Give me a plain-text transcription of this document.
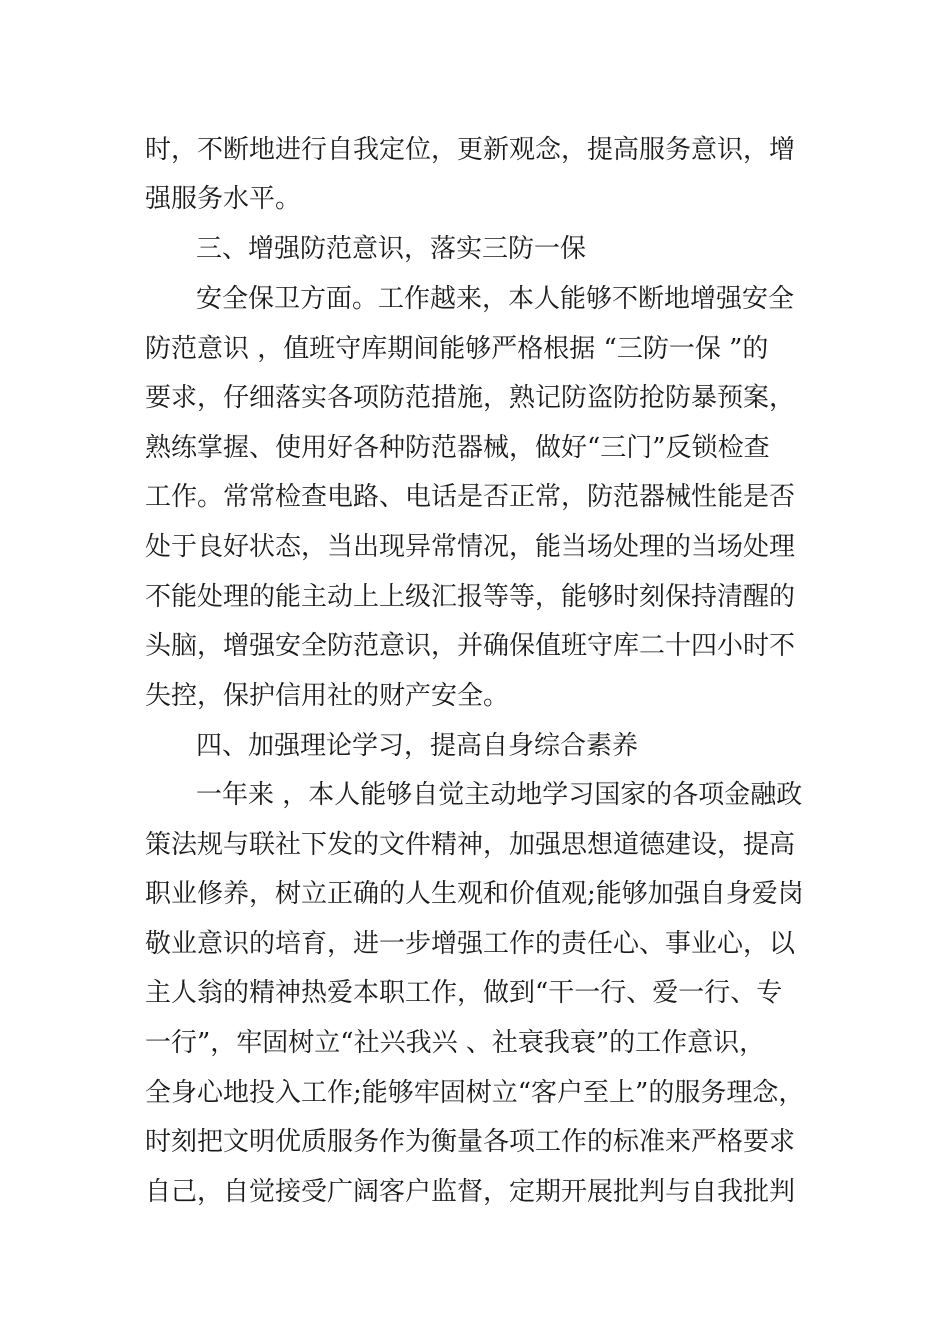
时，不断地进行自我定位，更新观念，提高服务意识，增
强服务水平。
三、增强防范意识，落实三防一保
安全保卫方面。工作越来，本人能够不断地增强安全
防范意识 ，值班守库期间能够严格根据 “三防一保 ”的
要求，仔细落实各项防范措施，熟记防盗防抢防暴预案，
熟练掌握、使用好各种防范器械，做好“三门”反锁检查
工作。常常检查电路、电话是否正常，防范器械性能是否
处于良好状态，当出现异常情况，能当场处理的当场处理
不能处理的能主动上上级汇报等等，能够时刻保持清醒的
头脑，增强安全防范意识，并确保值班守库二十四小时不
失控，保护信用社的财产安全。
四、加强理论学习，提高自身综合素养
一年来 ，本人能够自觉主动地学习国家的各项金融政
策法规与联社下发的文件精神，加强思想道德建设，提高
职业修养，树立正确的人生观和价值观;能够加强自身爱岗
敬业意识的培育，进一步增强工作的责任心、事业心，以
主人翁的精神热爱本职工作，做到“干一行、爱一行、专
一行”，牢固树立“社兴我兴 、社衰我衰”的工作意识，
全身心地投入工作;能够牢固树立“客户至上”的服务理念，
时刻把文明优质服务作为衡量各项工作的标准来严格要求
自己，自觉接受广阔客户监督，定期开展批判与自我批判
